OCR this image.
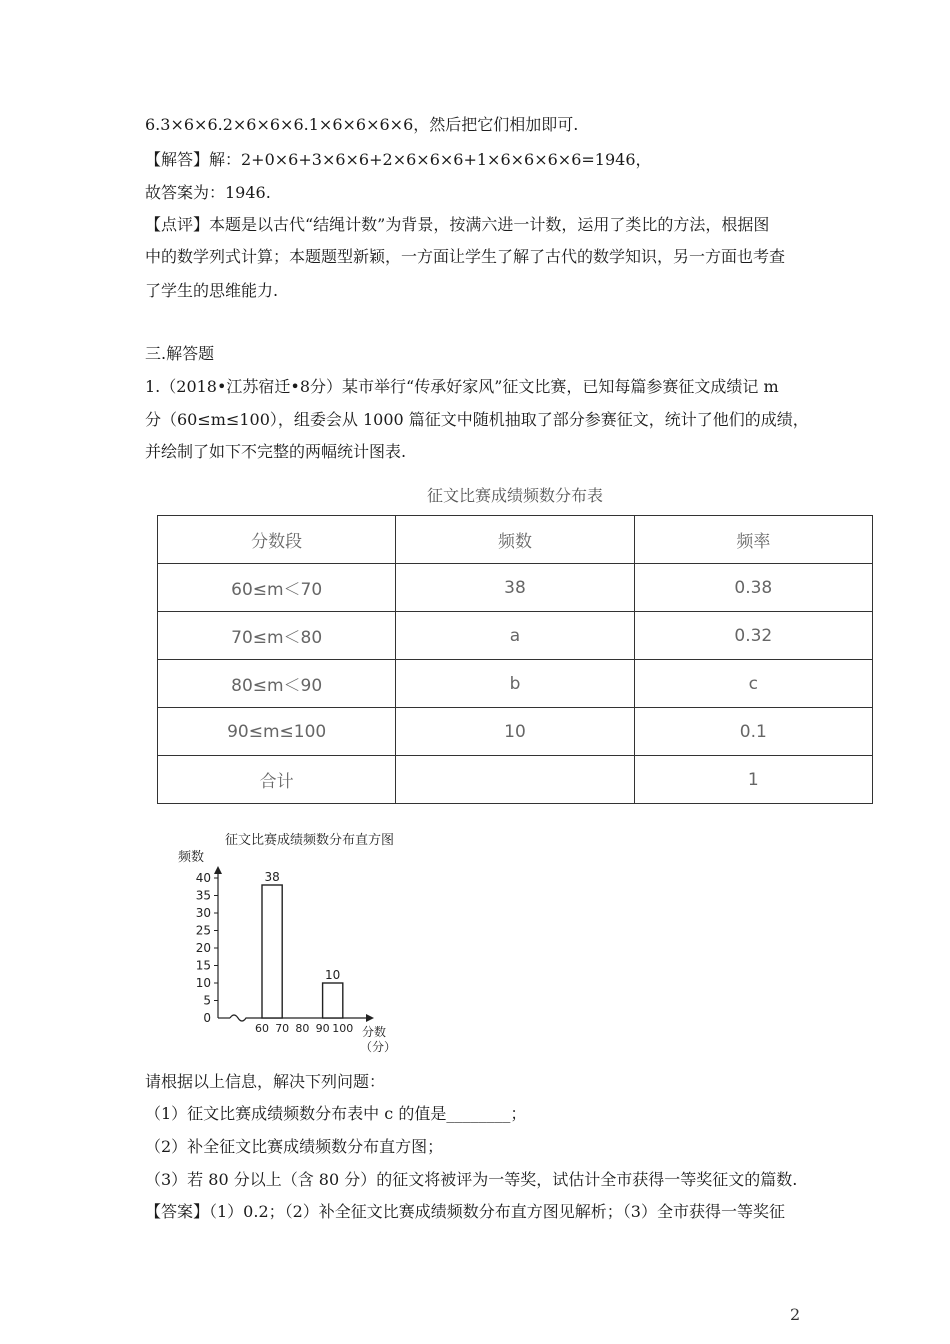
6.3×6×6.2×6×6×6.1×6×6×6×6，然后把它们相加即可.
【解答】解：2+0×6+3×6×6+2×6×6×6+1×6×6×6×6=1946，
故答案为：1946.
【点评】本题是以古代“结绳计数”为背景，按满六进一计数，运用了类比的方法，根据图
中的数学列式计算；本题题型新颖，一方面让学生了解了古代的数学知识，另一方面也考查
了学生的思维能力.
三.解答题
1.（2018•江苏宿迁•8分）某市举行“传承好家风”征文比赛，已知每篇参赛征文成绩记 m
分（60≤m≤100），组委会从 1000 篇征文中随机抽取了部分参赛征文，统计了他们的成绩，
并绘制了如下不完整的两幅统计图表.
征文比赛成绩频数分布表
分数段	频数	频率
60≤m＜70	38	0.38
70≤m＜80	a	0.32
80≤m＜90	b	c
90≤m≤100	10	0.1
合计		1
征文比赛成绩频数分布直方图
频数
分数
（分）
0
5
10
15
20
25
30
35
40
60 70 80 90 100
38
10
请根据以上信息，解决下列问题：
（1）征文比赛成绩频数分布表中 c 的值是________；
（2）补全征文比赛成绩频数分布直方图；
（3）若 80 分以上（含 80 分）的征文将被评为一等奖，试估计全市获得一等奖征文的篇数.
【答案】（1）0.2；（2）补全征文比赛成绩频数分布直方图见解析；（3）全市获得一等奖征
2
